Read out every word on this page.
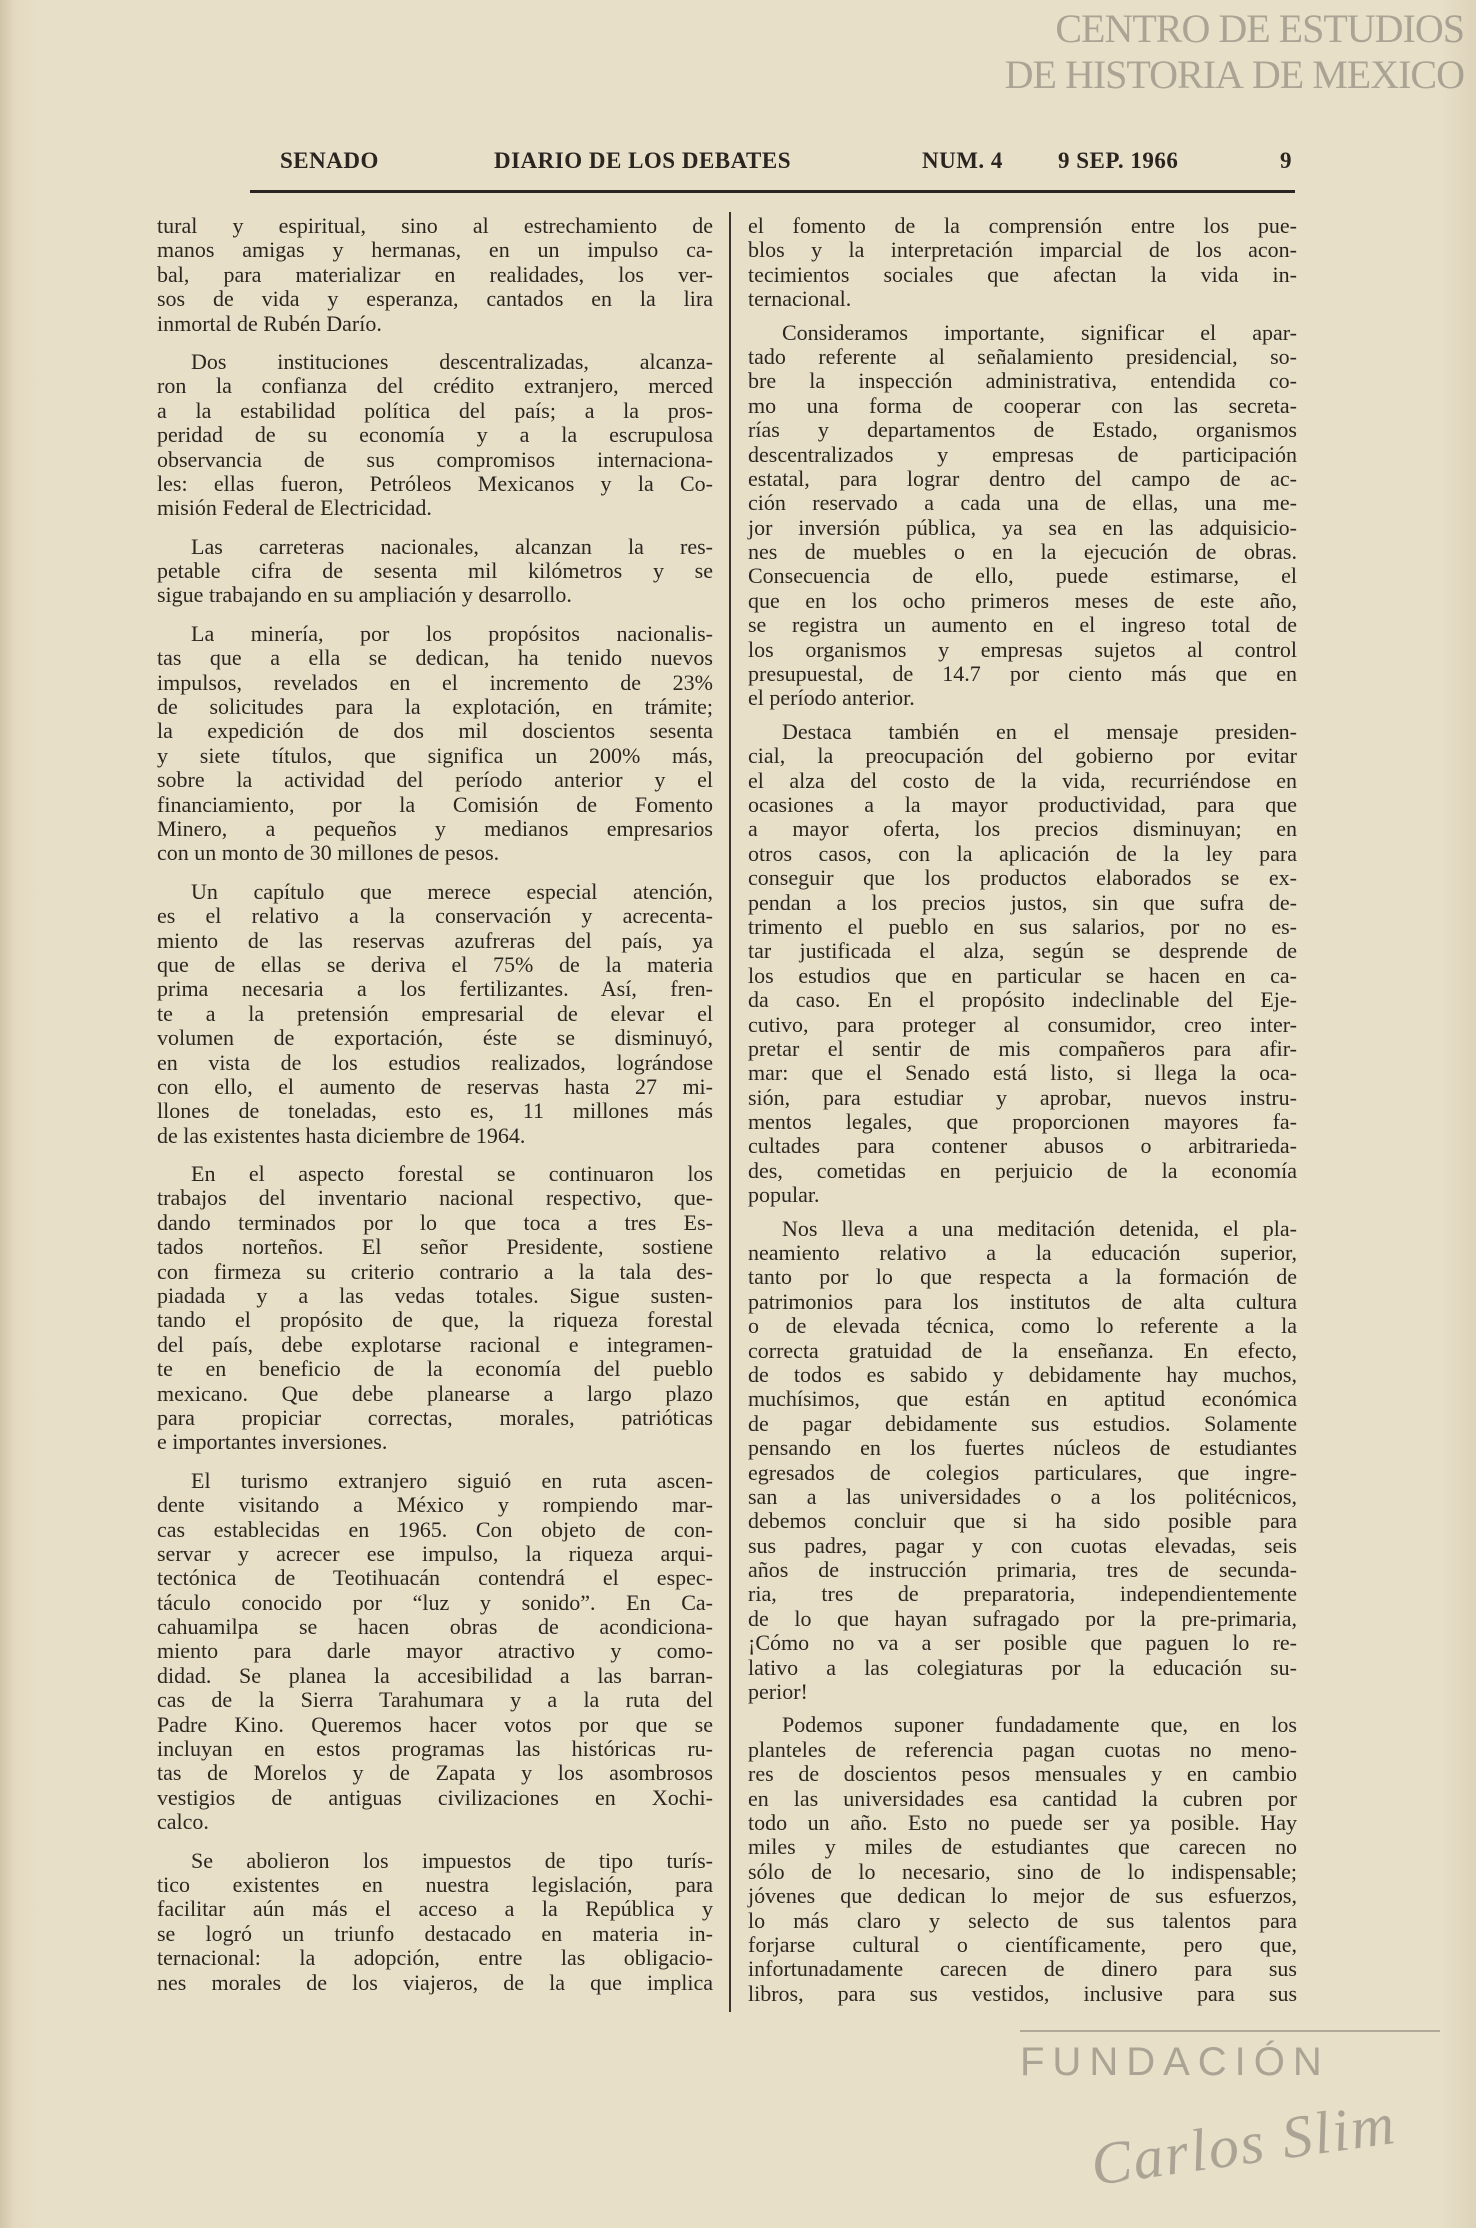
SENADO	DIARIO DE LOS DEBATES	NUM. 4 9 SEP. 1966	9
tural y espiritual, sino al estrechamiento de
manos amigas y hermanas, en un impulso ca-
bal, para materializar en realidades, los ver-
sos de vida y esperanza, cantados en la lira
inmortal de Rubén Darío.
Dos instituciones descentralizadas, alcanza-
ron la confianza del crédito extranjero, merced
a la estabilidad política del país; a la pros-
peridad de su economía y a la escrupulosa
observancia de sus compromisos internaciona-
les: ellas fueron, Petróleos Mexicanos y la Co-
misión Federal de Electricidad.
Las carreteras nacionales, alcanzan la res-
petable cifra de sesenta mil kilómetros y se
sigue trabajando en su ampliación y desarrollo.
La minería, por los propósitos nacionalis-
tas que a ella se dedican, ha tenido nuevos
impulsos, revelados en el incremento de 23%
de solicitudes para la explotación, en trámite;
la expedición de dos mil doscientos sesenta
y siete títulos, que significa un 200% más,
sobre la actividad del período anterior y el
financiamiento, por la Comisión de Fomento
Minero, a pequeños y medianos empresarios
con un monto de 30 millones de pesos.
Un capítulo que merece especial atención,
es el relativo a la conservación y acrecenta-
miento de las reservas azufreras del país, ya
que de ellas se deriva el 75% de la materia
prima necesaria a los fertilizantes. Así, fren-
te a la pretensión empresarial de elevar el
volumen de exportación, éste se disminuyó,
en vista de los estudios realizados, lográndose
con ello, el aumento de reservas hasta 27 mi-
llones de toneladas, esto es, 11 millones más
de las existentes hasta diciembre de 1964.
En el aspecto forestal se continuaron los
trabajos del inventario nacional respectivo, que-
dando terminados por lo que toca a tres Es-
tados norteños. El señor Presidente, sostiene
con firmeza su criterio contrario a la tala des-
piadada y a las vedas totales. Sigue susten-
tando el propósito de que, la riqueza forestal
del país, debe explotarse racional e integramen-
te en beneficio de la economía del pueblo
mexicano. Que debe planearse a largo plazo
para propiciar correctas, morales, patrióticas
e importantes inversiones.
El turismo extranjero siguió en ruta ascen-
dente visitando a México y rompiendo mar-
cas establecidas en 1965. Con objeto de con-
servar y acrecer ese impulso, la riqueza arqui-
tectónica de Teotihuacán contendrá el espec-
táculo conocido por “luz y sonido”. En Ca-
cahuamilpa se hacen obras de acondiciona-
miento para darle mayor atractivo y como-
didad. Se planea la accesibilidad a las barran-
cas de la Sierra Tarahumara y a la ruta del
Padre Kino. Queremos hacer votos por que se
incluyan en estos programas las históricas ru-
tas de Morelos y de Zapata y los asombrosos
vestigios de antiguas civilizaciones en Xochi-
calco.
Se abolieron los impuestos de tipo turís-
tico existentes en nuestra legislación, para
facilitar aún más el acceso a la República y
se logró un triunfo destacado en materia in-
ternacional: la adopción, entre las obligacio-
nes morales de los viajeros, de la que implica
el fomento de la comprensión entre los pue-
blos y la interpretación imparcial de los acon-
tecimientos sociales que afectan la vida in-
ternacional.
Consideramos importante, significar el apar-
tado referente al señalamiento presidencial, so-
bre la inspección administrativa, entendida co-
mo una forma de cooperar con las secreta-
rías y departamentos de Estado, organismos
descentralizados y empresas de participación
estatal, para lograr dentro del campo de ac-
ción reservado a cada una de ellas, una me-
jor inversión pública, ya sea en las adquisicio-
nes de muebles o en la ejecución de obras.
Consecuencia de ello, puede estimarse, el
que en los ocho primeros meses de este año,
se registra un aumento en el ingreso total de
los organismos y empresas sujetos al control
presupuestal, de 14.7 por ciento más que en
el período anterior.
Destaca también en el mensaje presiden-
cial, la preocupación del gobierno por evitar
el alza del costo de la vida, recurriéndose en
ocasiones a la mayor productividad, para que
a mayor oferta, los precios disminuyan; en
otros casos, con la aplicación de la ley para
conseguir que los productos elaborados se ex-
pendan a los precios justos, sin que sufra de-
trimento el pueblo en sus salarios, por no es-
tar justificada el alza, según se desprende de
los estudios que en particular se hacen en ca-
da caso. En el propósito indeclinable del Eje-
cutivo, para proteger al consumidor, creo inter-
pretar el sentir de mis compañeros para afir-
mar: que el Senado está listo, si llega la oca-
sión, para estudiar y aprobar, nuevos instru-
mentos legales, que proporcionen mayores fa-
cultades para contener abusos o arbitrarieda-
des, cometidas en perjuicio de la economía
popular.
Nos lleva a una meditación detenida, el pla-
neamiento relativo a la educación superior,
tanto por lo que respecta a la formación de
patrimonios para los institutos de alta cultura
o de elevada técnica, como lo referente a la
correcta gratuidad de la enseñanza. En efecto,
de todos es sabido y debidamente hay muchos,
muchísimos, que están en aptitud económica
de pagar debidamente sus estudios. Solamente
pensando en los fuertes núcleos de estudiantes
egresados de colegios particulares, que ingre-
san a las universidades o a los politécnicos,
debemos concluir que si ha sido posible para
sus padres, pagar y con cuotas elevadas, seis
años de instrucción primaria, tres de secunda-
ria, tres de preparatoria, independientemente
de lo que hayan sufragado por la pre-primaria,
¡Cómo no va a ser posible que paguen lo re-
lativo a las colegiaturas por la educación su-
perior!
Podemos suponer fundadamente que, en los
planteles de referencia pagan cuotas no meno-
res de doscientos pesos mensuales y en cambio
en las universidades esa cantidad la cubren por
todo un año. Esto no puede ser ya posible. Hay
miles y miles de estudiantes que carecen no
sólo de lo necesario, sino de lo indispensable;
jóvenes que dedican lo mejor de sus esfuerzos,
lo más claro y selecto de sus talentos para
forjarse cultural o científicamente, pero que,
infortunadamente carecen de dinero para sus
libros, para sus vestidos, inclusive para sus
CENTRO DE ESTUDIOS
DE HISTORIA DE MEXICO
FUNDACIÓN
Carlos Slim
